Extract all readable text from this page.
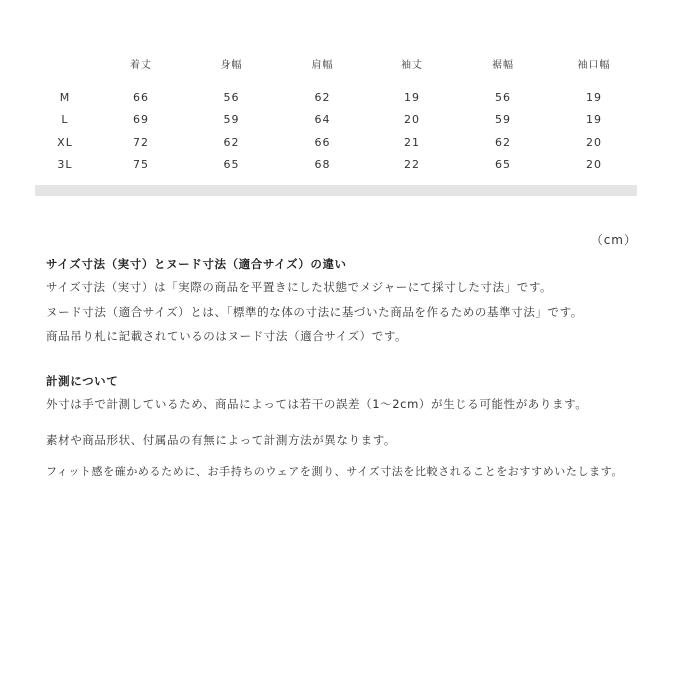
	着丈	身幅	肩幅	袖丈	裾幅	袖口幅

M	66	56	62	19	56	19
L	69	59	64	20	59	19
XL	72	62	66	21	62	20
3L	75	65	68	22	65	20
（cm）

サイズ寸法（実寸）とヌード寸法（適合サイズ）の違い

サイズ寸法（実寸）は「実際の商品を平置きにした状態でメジャーにて採寸した寸法」です。

ヌード寸法（適合サイズ）とは、「標準的な体の寸法に基づいた商品を作るための基準寸法」です。

商品吊り札に記載されているのはヌード寸法（適合サイズ）です。

計測について

外寸は手で計測しているため、商品によっては若干の誤差（1〜2cm）が生じる可能性があります。

素材や商品形状、付属品の有無によって計測方法が異なります。

フィット感を確かめるために、お手持ちのウェアを測り、サイズ寸法を比較されることをおすすめいたします。
